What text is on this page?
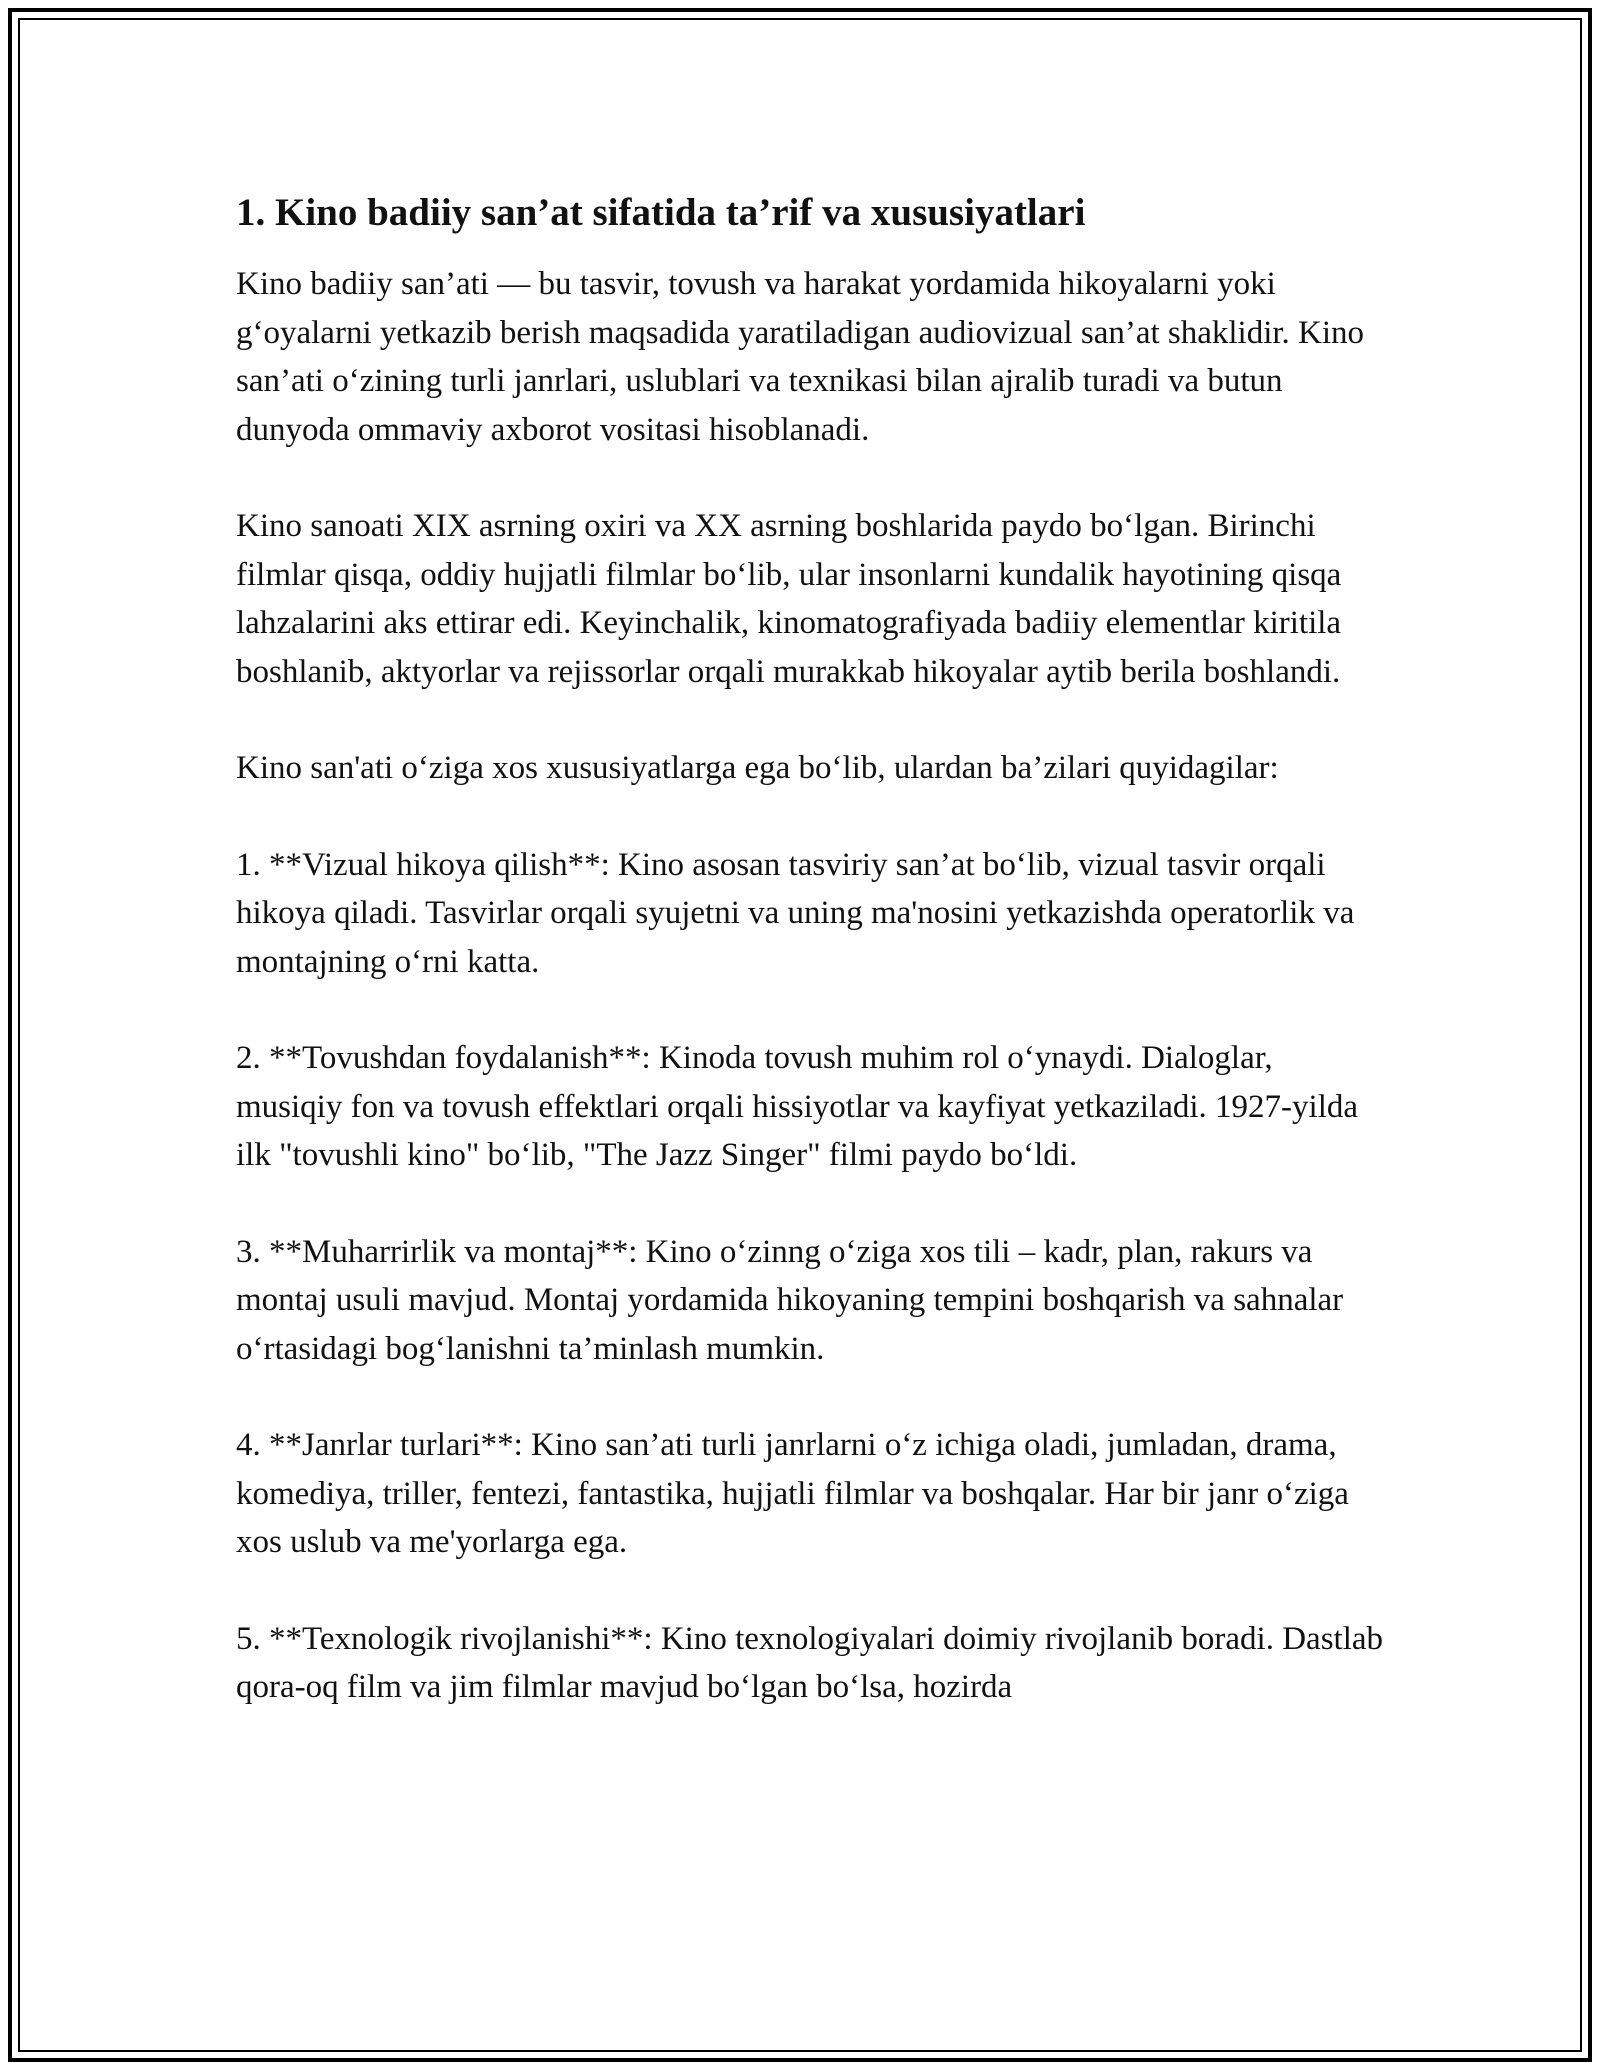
1. Kino badiiy san’at sifatida ta’rif va xususiyatlari

Kino badiiy san’ati — bu tasvir, tovush va harakat yordamida hikoyalarni yoki g‘oyalarni yetkazib berish maqsadida yaratiladigan audiovizual san’at shaklidir. Kino san’ati o‘zining turli janrlari, uslublari va texnikasi bilan ajralib turadi va butun dunyoda ommaviy axborot vositasi hisoblanadi.

Kino sanoati XIX asrning oxiri va XX asrning boshlarida paydo bo‘lgan. Birinchi filmlar qisqa, oddiy hujjatli filmlar bo‘lib, ular insonlarni kundalik hayotining qisqa lahzalarini aks ettirar edi. Keyinchalik, kinomatografiyada badiiy elementlar kiritila boshlanib, aktyorlar va rejissorlar orqali murakkab hikoyalar aytib berila boshlandi.

Kino san'ati o‘ziga xos xususiyatlarga ega bo‘lib, ulardan ba’zilari quyidagilar:

1. **Vizual hikoya qilish**: Kino asosan tasviriy san’at bo‘lib, vizual tasvir orqali hikoya qiladi. Tasvirlar orqali syujetni va uning ma'nosini yetkazishda operatorlik va montajning o‘rni katta.

2. **Tovushdan foydalanish**: Kinoda tovush muhim rol o‘ynaydi. Dialoglar, musiqiy fon va tovush effektlari orqali hissiyotlar va kayfiyat yetkaziladi. 1927-yilda ilk "tovushli kino" bo‘lib, "The Jazz Singer" filmi paydo bo‘ldi.

3. **Muharrirlik va montaj**: Kino o‘zinng o‘ziga xos tili – kadr, plan, rakurs va montaj usuli mavjud. Montaj yordamida hikoyaning tempini boshqarish va sahnalar o‘rtasidagi bog‘lanishni ta’minlash mumkin.

4. **Janrlar turlari**: Kino san’ati turli janrlarni o‘z ichiga oladi, jumladan, drama, komediya, triller, fentezi, fantastika, hujjatli filmlar va boshqalar. Har bir janr o‘ziga xos uslub va me'yorlarga ega.

5. **Texnologik rivojlanishi**: Kino texnologiyalari doimiy rivojlanib boradi. Dastlab qora-oq film va jim filmlar mavjud bo‘lgan bo‘lsa, hozirda
